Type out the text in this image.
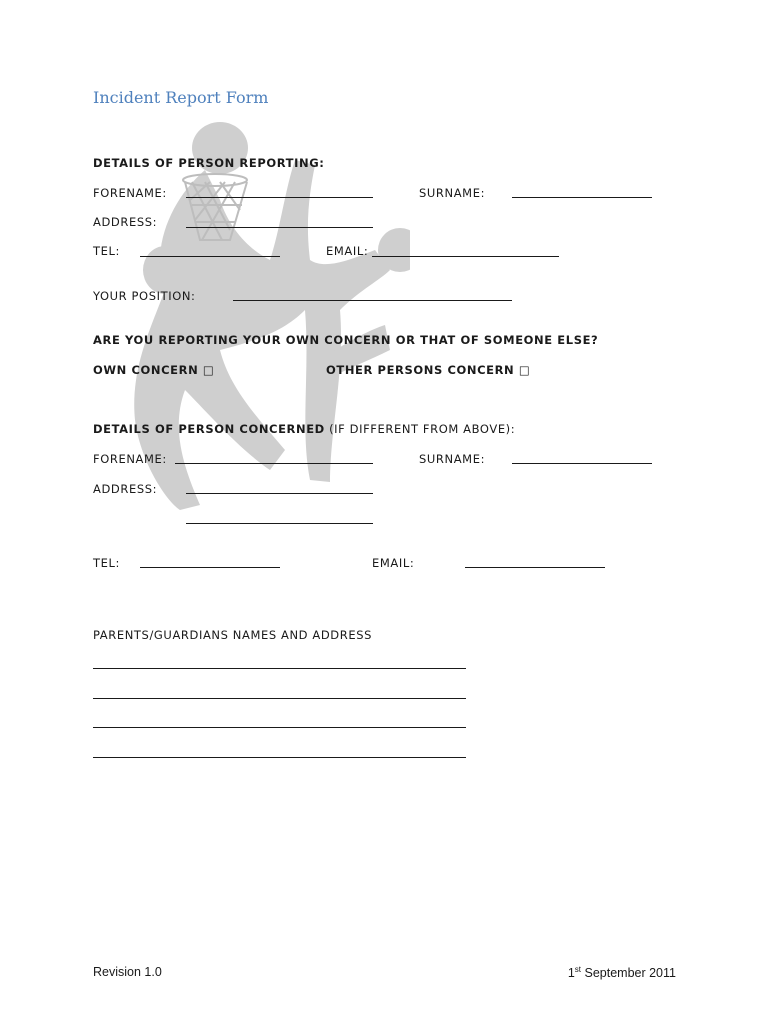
Incident Report Form
DETAILS OF PERSON REPORTING:
FORENAME:	SURNAME:
ADDRESS:
TEL:	EMAIL:
YOUR POSITION:
ARE YOU REPORTING YOUR OWN CONCERN OR THAT OF SOMEONE ELSE?
OWN CONCERN □	OTHER PERSONS CONCERN □
DETAILS OF PERSON CONCERNED (IF DIFFERENT FROM ABOVE):
FORENAME:	SURNAME:
ADDRESS:
TEL:	EMAIL:
PARENTS/GUARDIANS NAMES AND ADDRESS
Revision 1.0	1st September 2011
